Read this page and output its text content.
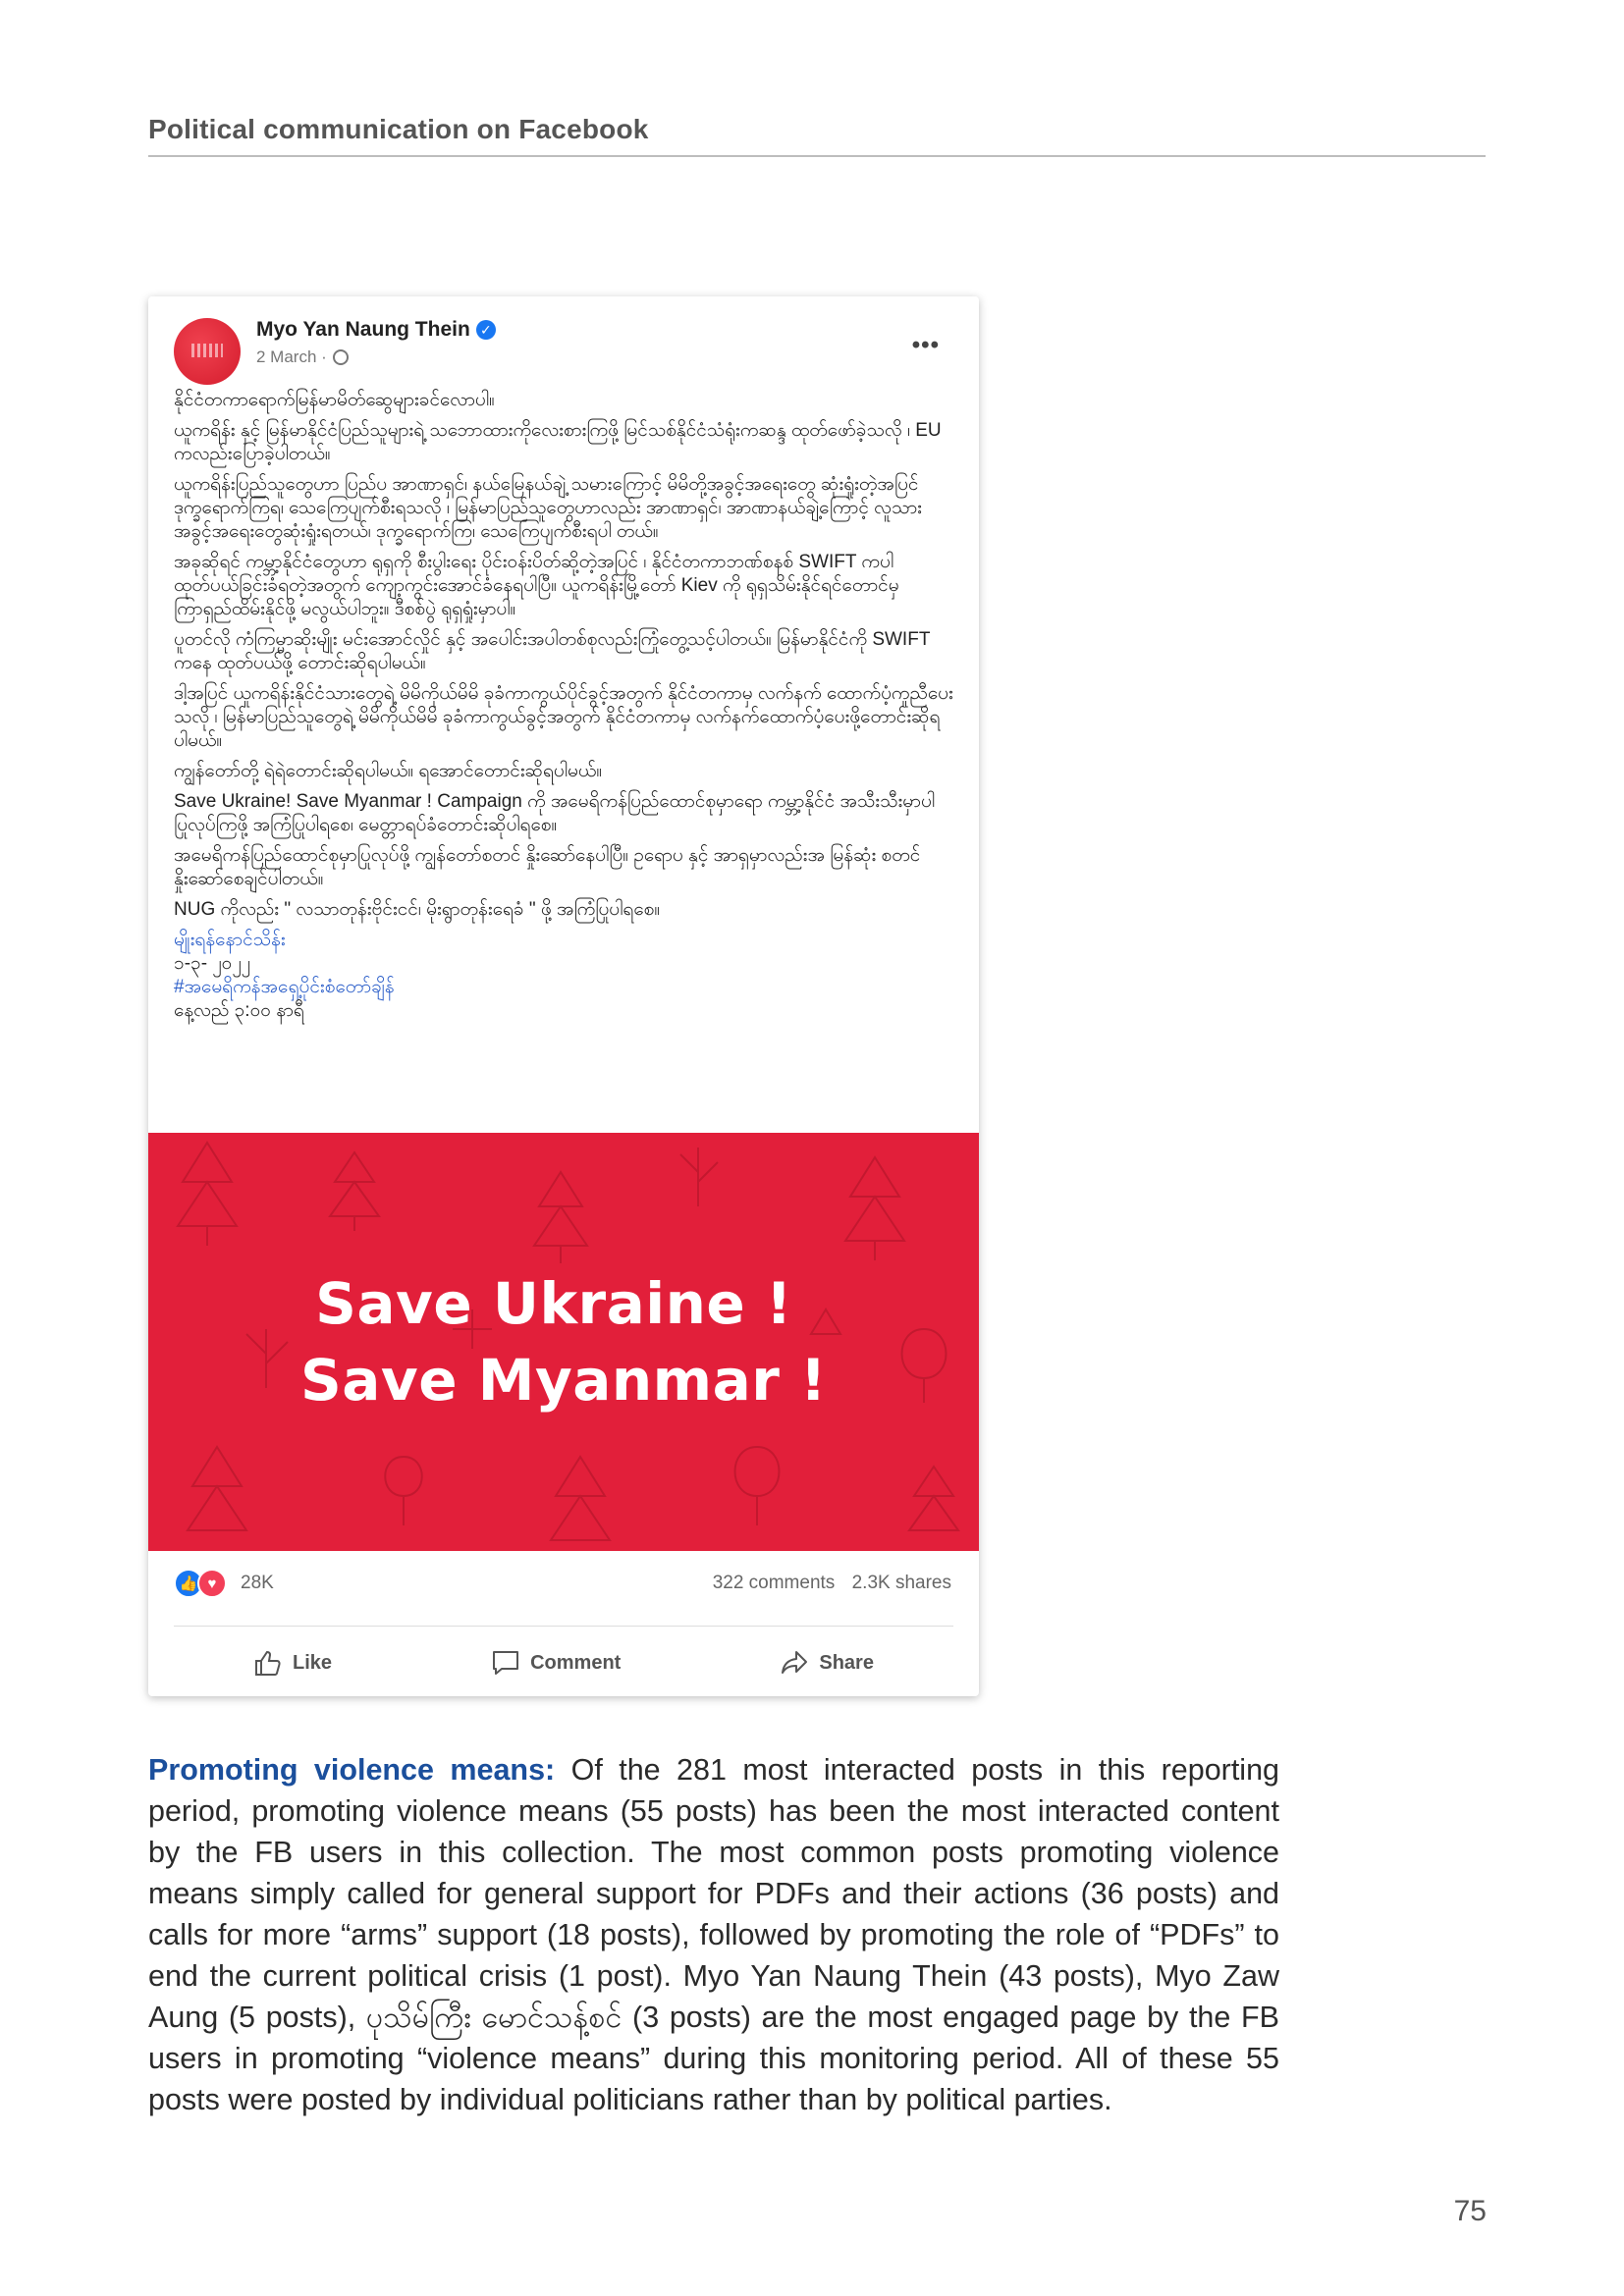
Political communication on Facebook
Myo Yan Naung Thein ✓
2 March ·	•••

နိုင်ငံတကာရောက်မြန်မာမိတ်ဆွေများခင်လောပါ။

ယူကရိန်း နှင့် မြန်မာနိုင်ငံပြည်သူများရဲ့ သဘောထားကိုလေးစားကြဖို့ မြင်သစ်နိုင်ငံသံရုံးကဆန္ဒ ထုတ်ဖော်ခဲ့သလို ၊ EU ကလည်းပြောခဲ့ပါတယ်။

ယူကရိန်းပြည်သူတွေဟာ ပြည်ပ အာဏာရှင်၊ နယ်မြေနယ်ချဲ့ သမားကြောင့် မိမိတို့အခွင့်အရေးတွေ ဆုံးရှုံးတဲ့အပြင် ဒုက္ခရောက်ကြရ၊ သေကြေပျက်စီးရသလို ၊ မြန်မာပြည်သူတွေဟာလည်း အာဏာရှင်၊ အာဏာနယ်ချဲ့ကြောင့် လူသားအခွင့်အရေးတွေဆုံးရှုံးရတယ်၊ ဒုက္ခရောက်ကြ၊ သေကြေပျက်စီးရပါ တယ်။

အခုဆိုရင် ကမ္ဘာ့နိုင်ငံတွေဟာ ရုရှကို စီးပွါးရေး ပိုင်းဝန်းပိတ်ဆို့တဲ့အပြင် ၊ နိုင်ငံတကာဘဏ်စနစ် SWIFT ကပါ ထုတ်ပယ်ခြင်းခံရတဲ့အတွက် ကျော့ကွင်းအောင်ခံနေရပါပြီ။ ယူကရိန်းမြို့တော် Kiev ကို ရုရှသိမ်းနိုင်ရင်တောင်မှ ကြာရှည်ထိမ်းနိုင်ဖို့ မလွယ်ပါဘူး။ ဒီစစ်ပွဲ ရုရှရှုံးမှာပါ။

ပူတင်လို ကံကြမ္မာဆိုးမျိုး မင်းအောင်လှိုင် နှင့် အပေါင်းအပါတစ်စုလည်းကြုံတွေ့သင့်ပါတယ်။ မြန်မာနိုင်ငံကို SWIFT ကနေ ထုတ်ပယ်ဖို့ တောင်းဆိုရပါမယ်။

ဒါ့အပြင် ယူကရိန်းနိုင်ငံသားတွေရဲ့ မိမိကိုယ်မိမိ ခုခံကာကွယ်ပိုင်ခွင့်အတွက် နိုင်ငံတကာမှ လက်နက် ထောက်ပံ့ကူညီပေးသလို ၊ မြန်မာပြည်သူတွေရဲ့ မိမိကိုယ်မိမိ ခုခံကာကွယ်ခွင့်အတွက် နိုင်ငံတကာမှ လက်နက်ထောက်ပံ့ပေးဖို့တောင်းဆိုရပါမယ်။

ကျွန်တော်တို့ ရဲရဲတောင်းဆိုရပါမယ်။ ရအောင်တောင်းဆိုရပါမယ်။

Save Ukraine! Save Myanmar ! Campaign ကို အမေရိကန်ပြည်ထောင်စုမှာရော ကမ္ဘာ့နိုင်ငံ အသီးသီးမှာပါပြုလုပ်ကြဖို့ အကြံပြုပါရစေ၊ မေတ္တာရပ်ခံတောင်းဆိုပါရစေ။

အမေရိကန်ပြည်ထောင်စုမှာပြုလုပ်ဖို့ ကျွန်တော်စတင် နှိုးဆော်နေပါပြီ။ ဥရောပ နှင့် အာရှမှာလည်းအ မြန်ဆုံး စတင်နှိုးဆော်စေချင်ပါတယ်။

NUG ကိုလည်း " လသာတုန်းဗိုင်းငင်၊ မိုးရွာတုန်းရေခံ " ဖို့ အကြံပြုပါရစေ။

မျိုးရန်နောင်သိန်း
၁-၃- ၂၀၂၂
#အမေရိကန်အရှေ့ပိုင်းစံတော်ချိန်
နေ့လည် ၃:၀၀ နာရီ
Save Ukraine !
Save Myanmar !
👍 ♥	28K	322 comments 2.3K shares
Like	Comment	Share
Promoting violence means: Of the 281 most interacted posts in this reporting period, promoting violence means (55 posts) has been the most interacted content by the FB users in this collection. The most common posts promoting violence means simply called for general support for PDFs and their actions (36 posts) and calls for more “arms” support (18 posts), followed by promoting the role of “PDFs” to end the current political crisis (1 post). Myo Yan Naung Thein (43 posts), Myo Zaw Aung (5 posts), ပုသိမ်ကြီး မောင်သန့်စင် (3 posts) are the most engaged page by the FB users in promoting “violence means” during this monitoring period. All of these 55 posts were posted by individual politicians rather than by political parties.
75
